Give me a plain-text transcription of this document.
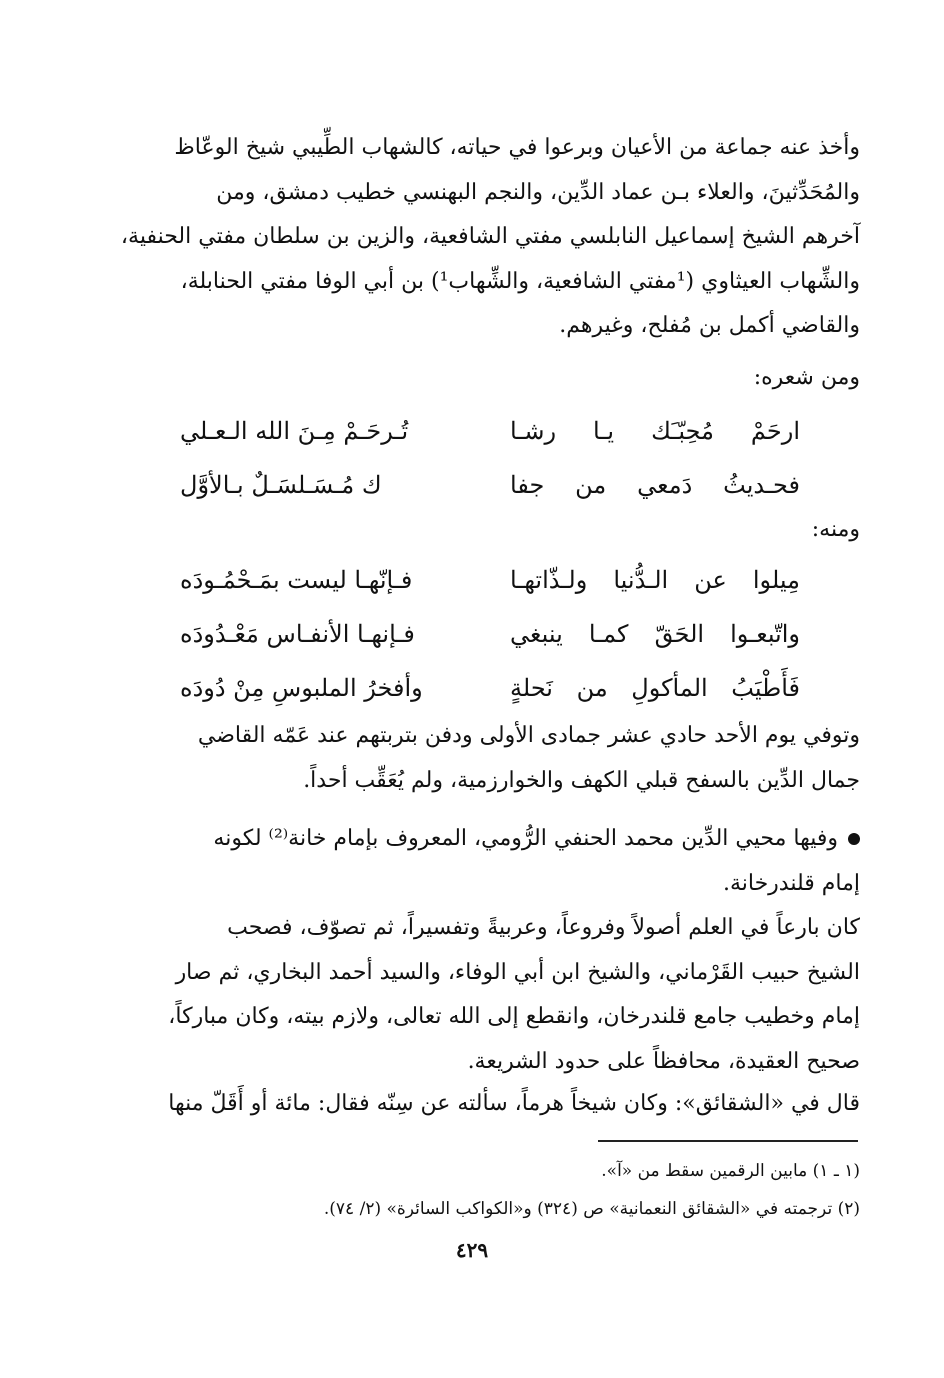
وأخذ عنه جماعة من الأعيان وبرعوا في حياته، كالشهاب الطِّيبي شيخ الوعّاظ
والمُحَدِّثينَ، والعلاء بـن عماد الدِّين، والنجم البهنسي خطيب دمشق، ومن
آخرهم الشيخ إسماعيل النابلسي مفتي الشافعية، والزين بن سلطان مفتي الحنفية،
والشِّهاب العيثاوي (¹مفتي الشافعية، والشِّهاب¹) بن أبي الوفا مفتي الحنابلة،
والقاضي أكمل بن مُفلح، وغيرهم.
ومن شعره:
ارحَمْ مُحِبّـَك يـا رشـا
تُـرحَـمْ مِـنَ الله الـعـلي
فحـديثُ دَمعي من جفا
ك مُـسَـلسَـلٌ بـالأوَّل
ومنه:
مِيلوا عن الـدُّنيا ولـذّاتهـا
فـإنّهـا ليست بمَـحْمُـودَه
واتّبعـوا الحَقّ كمـا ينبغي
فـإنهـا الأنفـاس مَعْـدُودَه
فَأَطْيَبُ المأكولِ من نَحلةٍ
وأفخرُ الملبوسِ مِنْ دُودَه
وتوفي يوم الأحد حادي عشر جمادى الأولى ودفن بتربتهم عند عَمّه القاضي
جمال الدِّين بالسفح قبلي الكهف والخوارزمية، ولم يُعَقِّب أحداً.
وفيها محيي الدِّين محمد الحنفي الرُّومي، المعروف بإمام خانة⁽²⁾ لكونه
إمام قلندرخانة.
كان بارعاً في العلم أصولاً وفروعاً، وعربيةً وتفسيراً، ثم تصوّف، فصحب
الشيخ حبيب القَرْماني، والشيخ ابن أبي الوفاء، والسيد أحمد البخاري، ثم صار
إمام وخطيب جامع قلندرخان، وانقطع إلى الله تعالى، ولازم بيته، وكان مباركاً،
صحيح العقيدة، محافظاً على حدود الشريعة.
قال في «الشقائق»: وكان شيخاً هرماً، سألته عن سِنّه فقال: مائة أو أَقَلّ منها
(١ ـ ١) مابين الرقمين سقط من «آ».
(٢) ترجمته في «الشقائق النعمانية» ص (٣٢٤) و«الكواكب السائرة» (٢/ ٧٤).
٤٢٩
